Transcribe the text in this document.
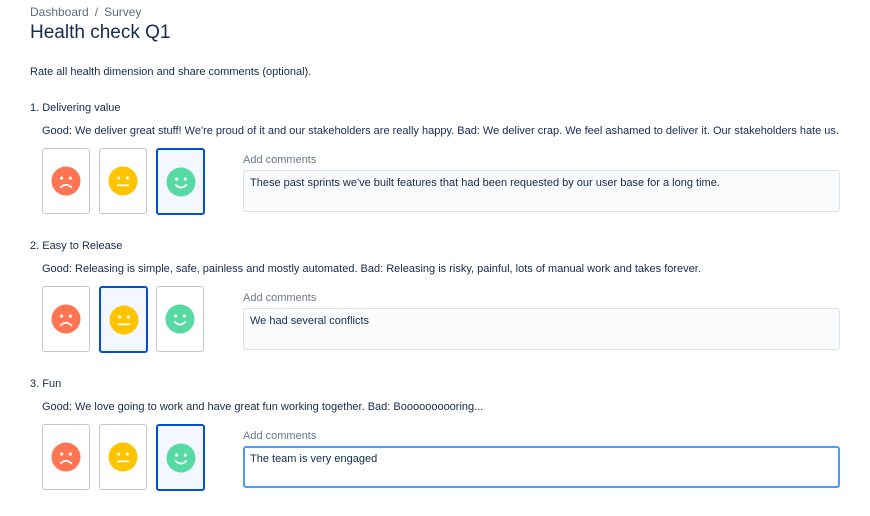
Dashboard / Survey
Health check Q1
Rate all health dimension and share comments (optional).
1. Delivering value
Good: We deliver great stuff! We're proud of it and our stakeholders are really happy. Bad: We deliver crap. We feel ashamed to deliver it. Our stakeholders hate us.
Add comments
These past sprints we've built features that had been requested by our user base for a long time.
2. Easy to Release
Good: Releasing is simple, safe, painless and mostly automated. Bad: Releasing is risky, painful, lots of manual work and takes forever.
Add comments
We had several conflicts
3. Fun
Good: We love going to work and have great fun working together. Bad: Boooooooooring...
Add comments
The team is very engaged
